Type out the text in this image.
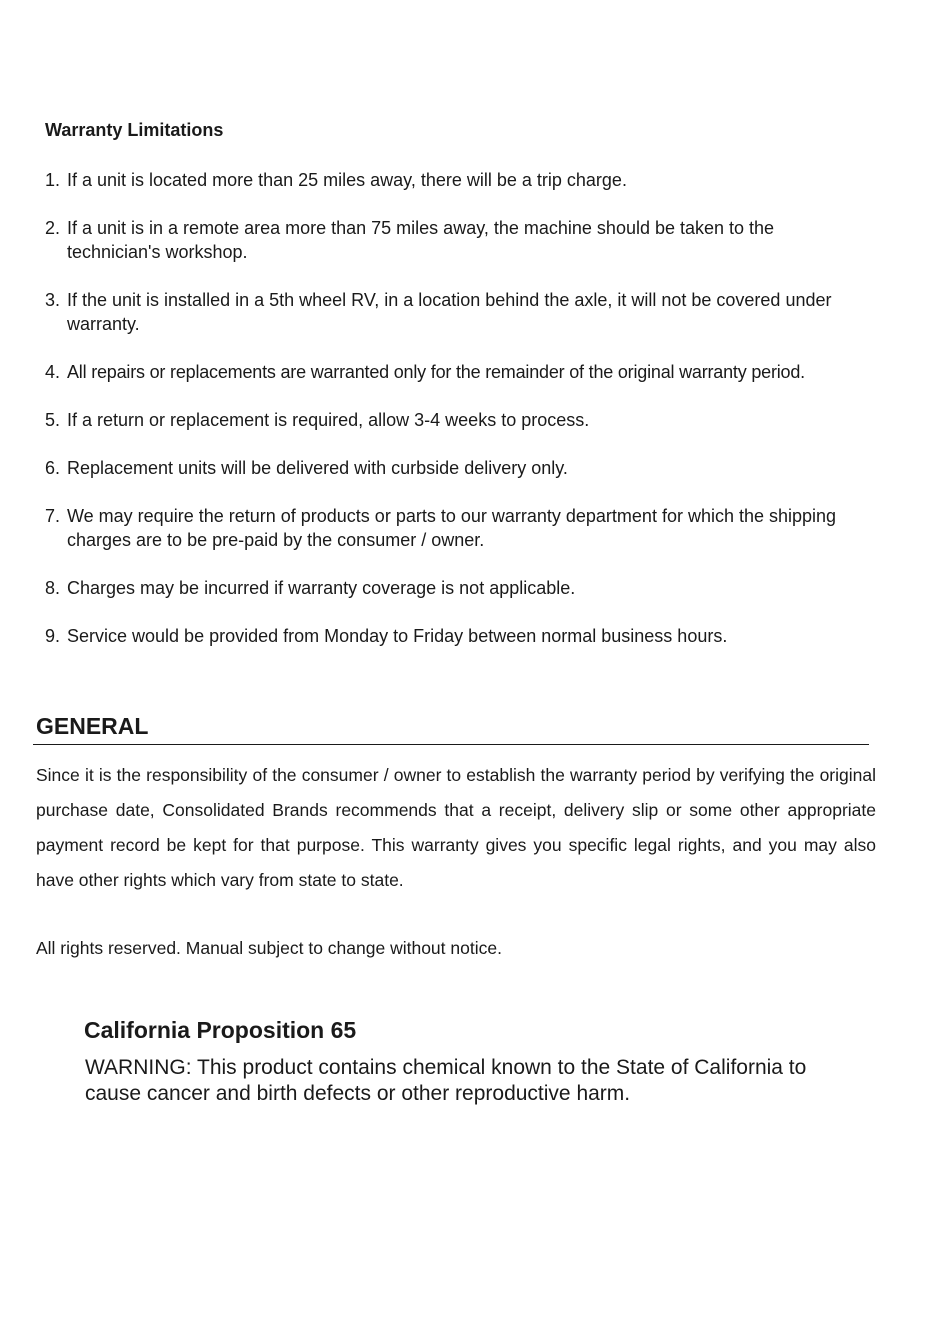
Warranty Limitations
1. If a unit is located more than 25 miles away, there will be a trip charge.
2. If a unit is in a remote area more than 75 miles away, the machine should be taken to the technician's workshop.
3. If the unit is installed in a 5th wheel RV, in a location behind the axle, it will not be covered under warranty.
4. All repairs or replacements are warranted only for the remainder of the original warranty period.
5. If a return or replacement is required, allow 3-4 weeks to process.
6. Replacement units will be delivered with curbside delivery only.
7. We may require the return of products or parts to our warranty department for which the shipping charges are to be pre-paid by the consumer / owner.
8. Charges may be incurred if warranty coverage is not applicable.
9. Service would be provided from Monday to Friday between normal business hours.
GENERAL

Since it is the responsibility of the consumer / owner to establish the warranty period by verifying the original purchase date, Consolidated Brands recommends that a receipt, delivery slip or some other appropriate payment record be kept for that purpose. This warranty gives you specific legal rights, and you may also have other rights which vary from state to state.

All rights reserved. Manual subject to change without notice.

California Proposition 65

WARNING: This product contains chemical known to the State of California to cause cancer and birth defects or other reproductive harm.
